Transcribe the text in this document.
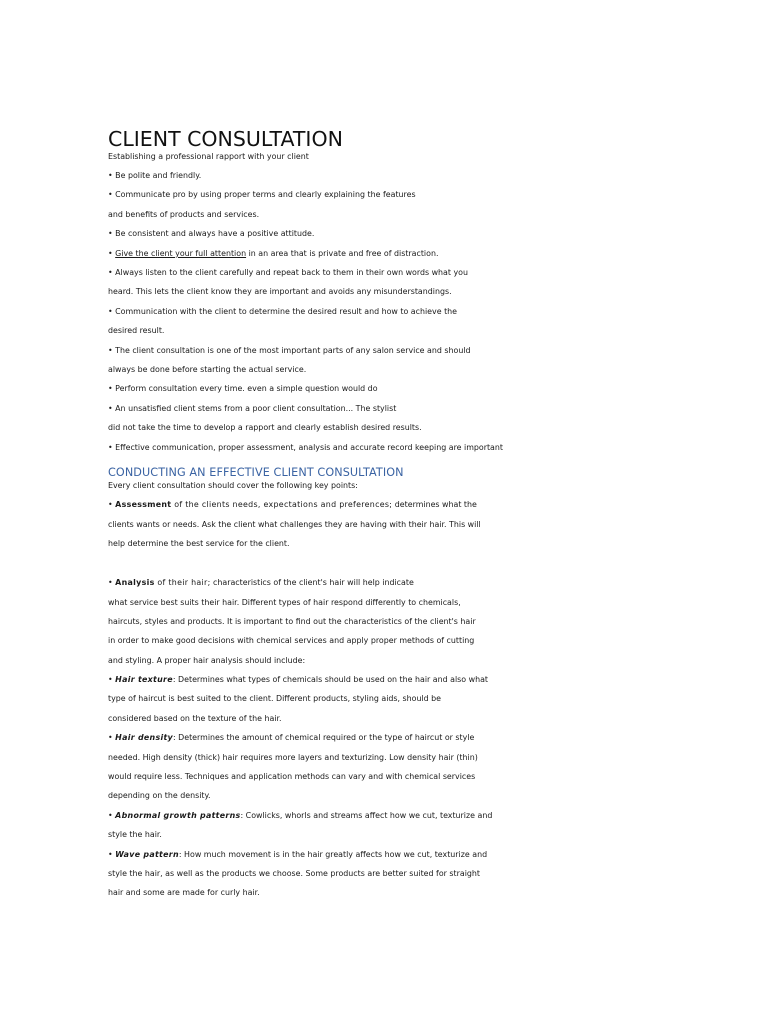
CLIENT CONSULTATION
Establishing a professional rapport with your client
• Be polite and friendly.
• Communicate pro by using proper terms and clearly explaining the features
and benefits of products and services.
• Be consistent and always have a positive attitude.
• Give the client your full attention in an area that is private and free of distraction.
• Always listen to the client carefully and repeat back to them in their own words what you
heard. This lets the client know they are important and avoids any misunderstandings.
• Communication with the client to determine the desired result and how to achieve the
desired result.
• The client consultation is one of the most important parts of any salon service and should
always be done before starting the actual service.
• Perform consultation every time. even a simple question would do
• An unsatisfied client stems from a poor client consultation... The stylist
did not take the time to develop a rapport and clearly establish desired results.
• Effective communication, proper assessment, analysis and accurate record keeping are important
CONDUCTING AN EFFECTIVE CLIENT CONSULTATION
Every client consultation should cover the following key points:
• Assessment of the clients needs, expectations and preferences; determines what the
clients wants or needs. Ask the client what challenges they are having with their hair. This will
help determine the best service for the client.
• Analysis of their hair; characteristics of the client's hair will help indicate
what service best suits their hair. Different types of hair respond differently to chemicals,
haircuts, styles and products. It is important to find out the characteristics of the client's hair
in order to make good decisions with chemical services and apply proper methods of cutting
and styling. A proper hair analysis should include:
• Hair texture: Determines what types of chemicals should be used on the hair and also what
type of haircut is best suited to the client. Different products, styling aids, should be
considered based on the texture of the hair.
• Hair density: Determines the amount of chemical required or the type of haircut or style
needed. High density (thick) hair requires more layers and texturizing. Low density hair (thin)
would require less. Techniques and application methods can vary and with chemical services
depending on the density.
• Abnormal growth patterns: Cowlicks, whorls and streams affect how we cut, texturize and
style the hair.
• Wave pattern: How much movement is in the hair greatly affects how we cut, texturize and
style the hair, as well as the products we choose. Some products are better suited for straight
hair and some are made for curly hair.
